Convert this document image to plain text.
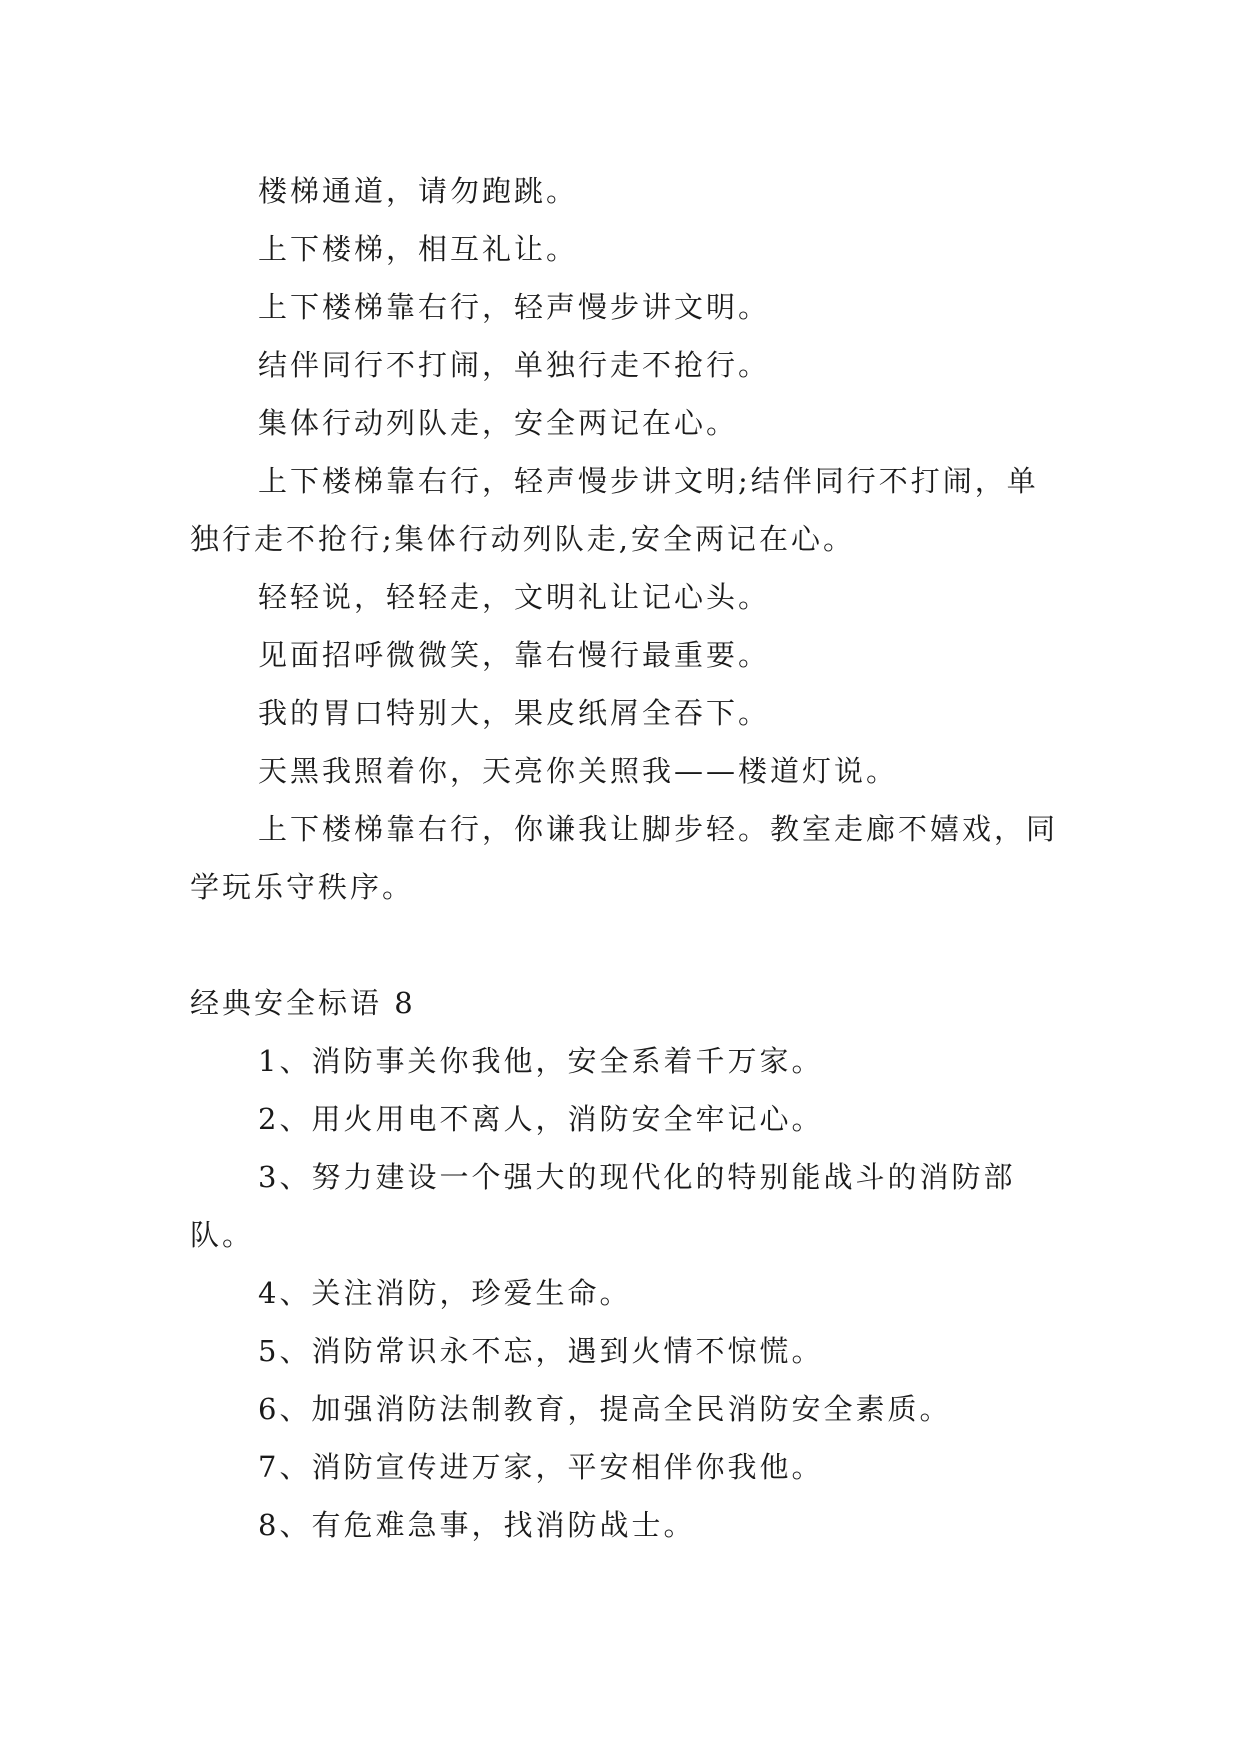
楼梯通道，请勿跑跳。

上下楼梯，相互礼让。

上下楼梯靠右行，轻声慢步讲文明。

结伴同行不打闹，单独行走不抢行。

集体行动列队走，安全两记在心。

上下楼梯靠右行，轻声慢步讲文明;结伴同行不打闹，单独行走不抢行;集体行动列队走,安全两记在心。

轻轻说，轻轻走，文明礼让记心头。

见面招呼微微笑，靠右慢行最重要。

我的胃口特别大，果皮纸屑全吞下。

天黑我照着你，天亮你关照我——楼道灯说。

上下楼梯靠右行，你谦我让脚步轻。教室走廊不嬉戏，同学玩乐守秩序。

经典安全标语 8

1、消防事关你我他，安全系着千万家。

2、用火用电不离人，消防安全牢记心。

3、努力建设一个强大的现代化的特别能战斗的消防部队。

4、关注消防，珍爱生命。

5、消防常识永不忘，遇到火情不惊慌。

6、加强消防法制教育，提高全民消防安全素质。

7、消防宣传进万家，平安相伴你我他。

8、有危难急事，找消防战士。
